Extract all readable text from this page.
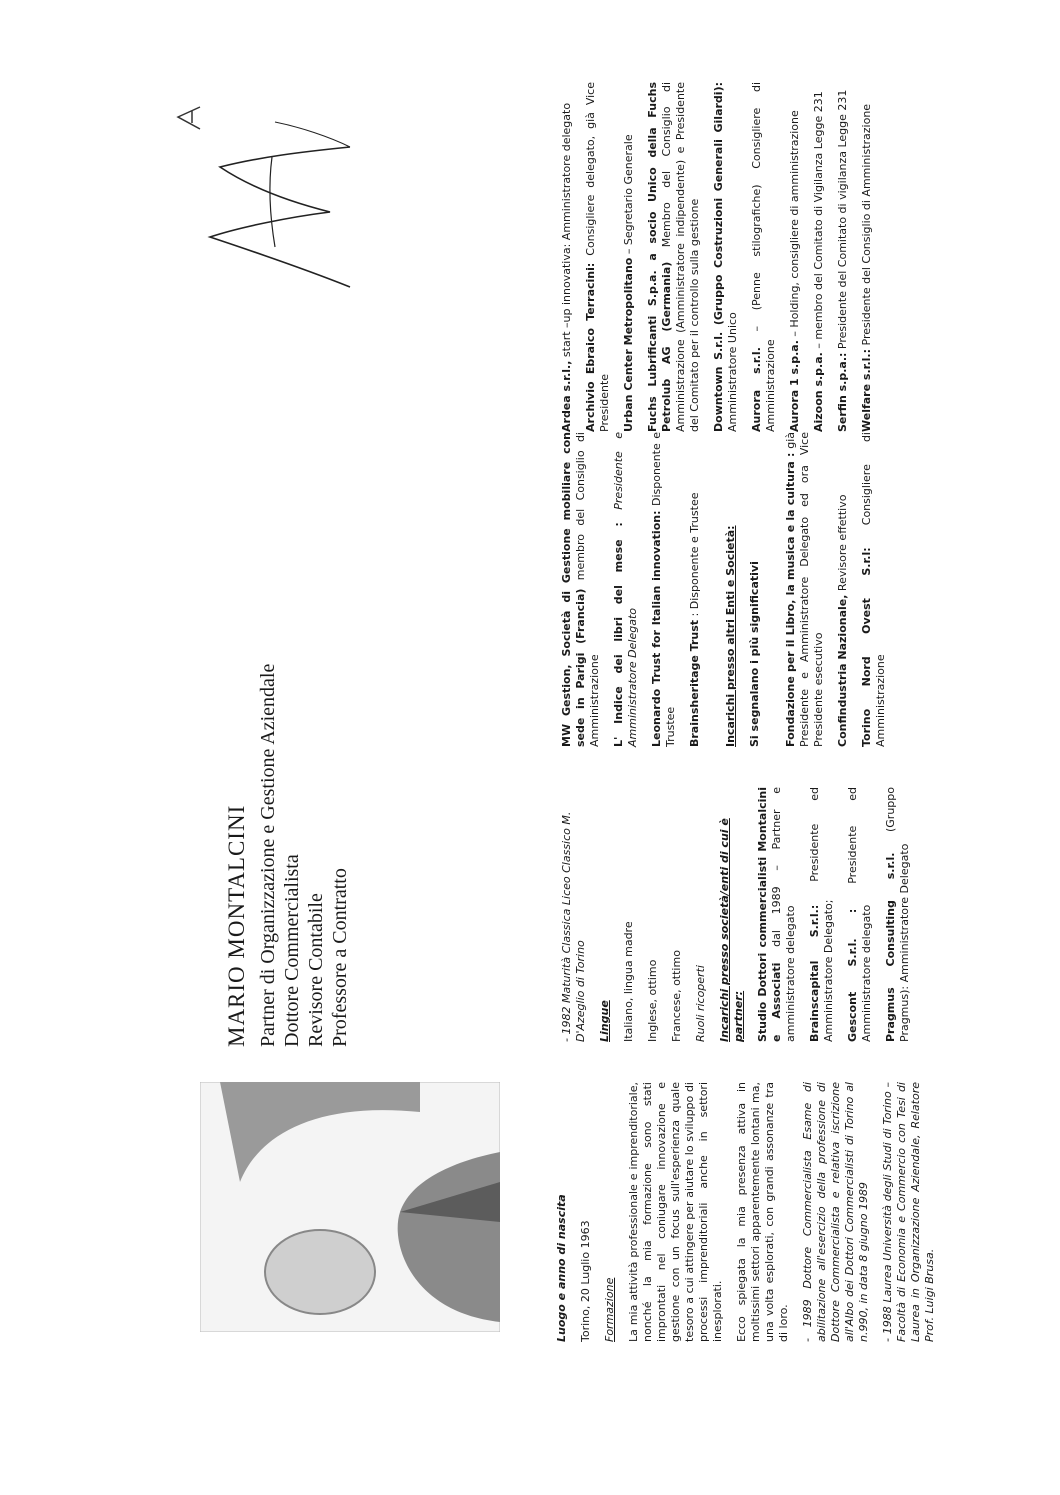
MARIO MONTALCINI Partner di Organizzazione e Gestione Aziendale Dottore Commercialista Revisore Contabile Professore a Contratto

Luogo e anno di nascita Torino, 20 Luglio 1963 Formazione La mia attività professionale e imprenditoriale, nonché la mia formazione sono stati improntati nel coniugare innovazione e gestione con un focus sull'esperienza quale tesoro a cui attingere per aiutare lo sviluppo di processi imprenditoriali anche in settori inesplorati. Ecco spiegata la mia presenza attiva in moltissimi settori apparentemente lontani ma, una volta esplorati, con grandi assonanze tra di loro. - 1989 Dottore Commercialista Esame di abilitazione all'esercizio della professione di Dottore Commercialista e relativa iscrizione all'Albo dei Dottori Commercialisti di Torino al n.990, in data 8 giugno 1989 - 1988 Laurea Università degli Studi di Torino – Facoltà di Economia e Commercio con Tesi di Laurea in Organizzazione Aziendale, Relatore Prof. Luigi Brusa.

- 1982 Maturità Classica Liceo Classico M. D'Azeglio di Torino Lingue Italiano, lingua madre Inglese, ottimo Francese, ottimo Ruoli ricoperti Incarichi presso società/enti di cui è partner: Studio Dottori commercialisti Montalcini e Associati dal 1989 – Partner e amministratore delegato Brainscapital S.r.l.: Presidente ed Amministratore Delegato; Gescont S.r.l. : Presidente ed Amministratore delegato Pragmus Consulting s.r.l. (Gruppo Pragmus): Amministratore Delegato

MW Gestion, Società di Gestione mobiliare con sede in Parigi (Francia) membro del Consiglio di Amministrazione L' Indice dei libri del mese : Presidente e Amministratore Delegato Leonardo Trust for Italian innovation: Disponente e Trustee Brainsheritage Trust : Disponente e Trustee Incarichi presso altri Enti e Società: Si segnalano i più significativi Fondazione per il Libro, la musica e la cultura : già Presidente e Amministratore Delegato ed ora Vice Presidente esecutivo Confindustria Nazionale, Revisore effettivo

Torino Nord Ovest S.r.l: Consigliere di Amministrazione

Ardea s.r.l., start –up innovativa: Amministratore delegato Archivio Ebraico Terracini: Consigliere delegato, già Vice Presidente Urban Center Metropolitano – Segretario Generale Fuchs Lubrificanti S.p.a. a socio Unico della Fuchs Petrolub AG (Germania) Membro del Consiglio di Amministrazione (Amministratore indipendente) e Presidente del Comitato per il controllo sulla gestione Downtown S.r.l. (Gruppo Costruzioni Generali Gilardi): Amministratore Unico Aurora s.r.l. – (Penne stilografiche) Consigliere di Amministrazione Aurora 1 s.p.a. – Holding, consigliere di amministrazione

Aizoon s.p.a. – membro del Comitato di Vigilanza Legge 231

Serfin s.p.a.: Presidente del Comitato di vigilanza Legge 231

Welfare s.r.l.: Presidente del Consiglio di Amministrazione
